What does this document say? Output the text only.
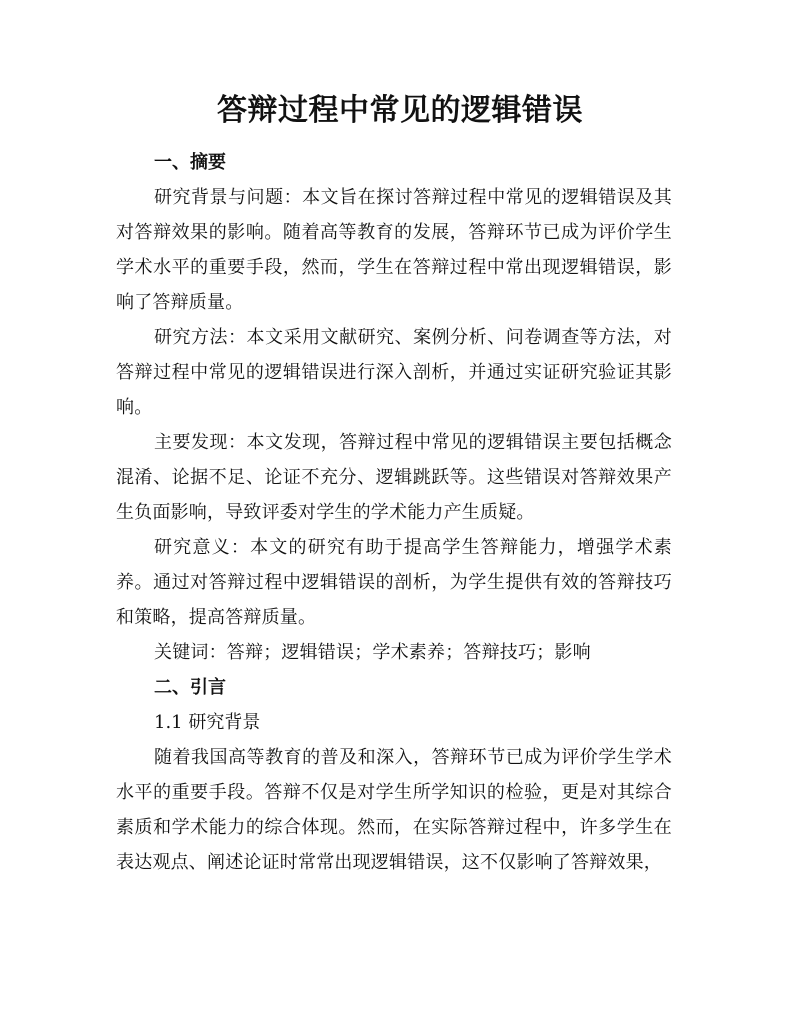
答辩过程中常见的逻辑错误

一、摘要

研究背景与问题：本文旨在探讨答辩过程中常见的逻辑错误及其对答辩效果的影响。随着高等教育的发展，答辩环节已成为评价学生学术水平的重要手段，然而，学生在答辩过程中常出现逻辑错误，影响了答辩质量。

研究方法：本文采用文献研究、案例分析、问卷调查等方法，对答辩过程中常见的逻辑错误进行深入剖析，并通过实证研究验证其影响。

主要发现：本文发现，答辩过程中常见的逻辑错误主要包括概念混淆、论据不足、论证不充分、逻辑跳跃等。这些错误对答辩效果产生负面影响，导致评委对学生的学术能力产生质疑。

研究意义：本文的研究有助于提高学生答辩能力，增强学术素养。通过对答辩过程中逻辑错误的剖析，为学生提供有效的答辩技巧和策略，提高答辩质量。

关键词：答辩；逻辑错误；学术素养；答辩技巧；影响

二、引言

1.1 研究背景

随着我国高等教育的普及和深入，答辩环节已成为评价学生学术水平的重要手段。答辩不仅是对学生所学知识的检验，更是对其综合素质和学术能力的综合体现。然而，在实际答辩过程中，许多学生在表达观点、阐述论证时常常出现逻辑错误，这不仅影响了答辩效果，
